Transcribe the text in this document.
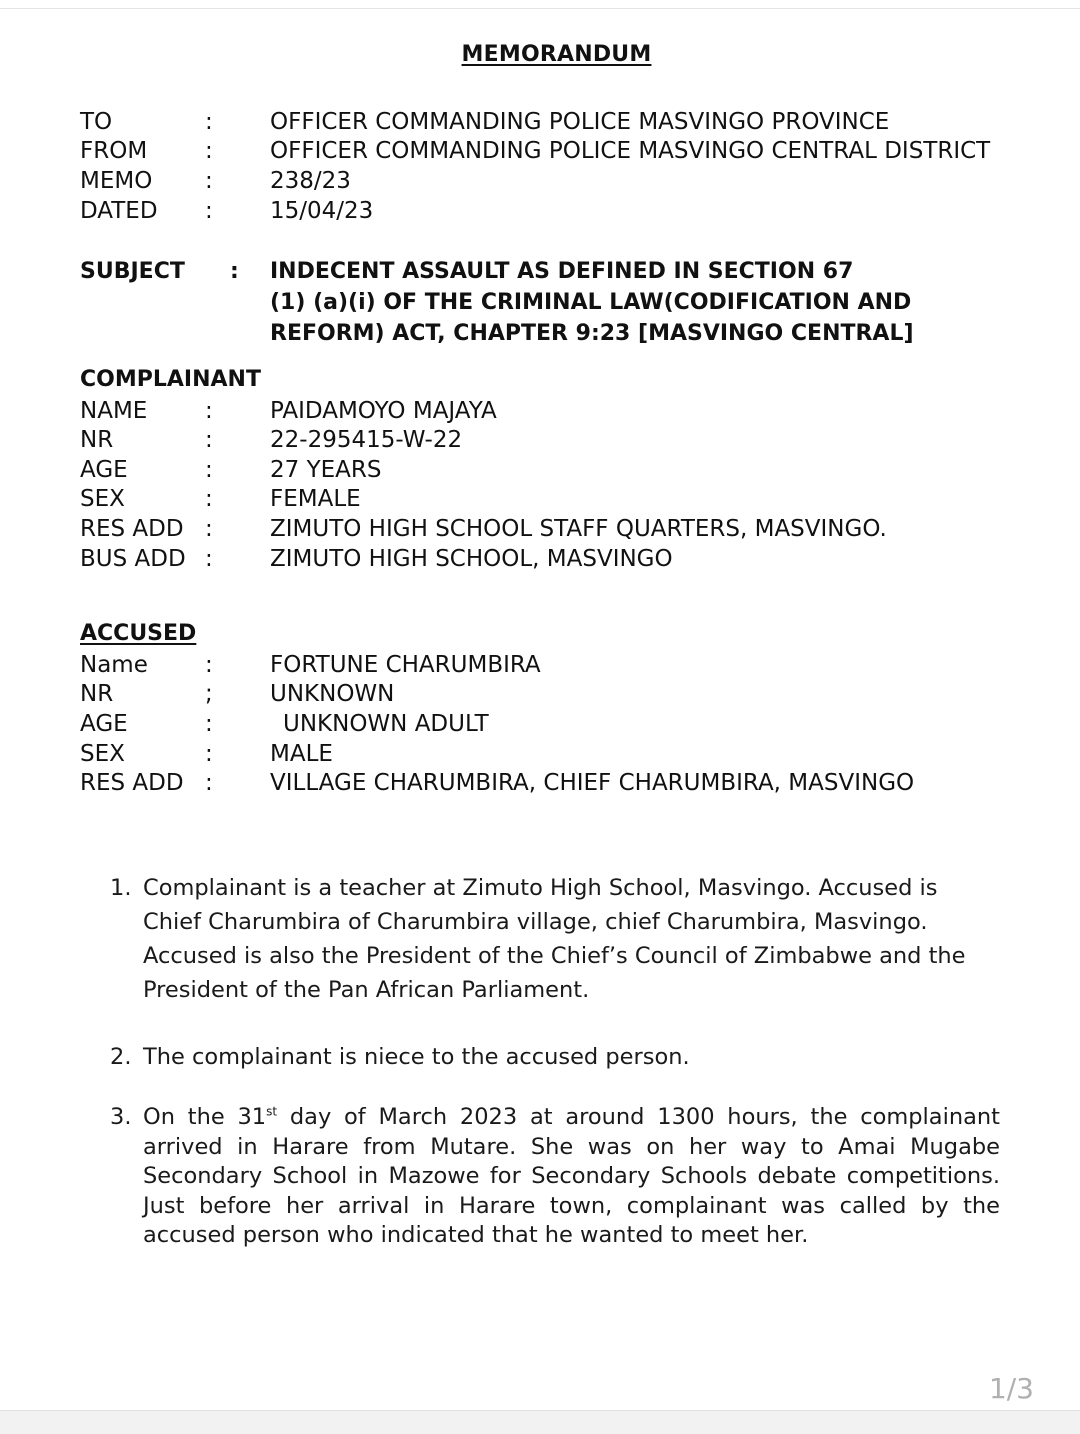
MEMORANDUM
TO	: OFFICER COMMANDING POLICE MASVINGO PROVINCE
FROM	: OFFICER COMMANDING POLICE MASVINGO CENTRAL DISTRICT
MEMO : 238/23
DATED : 15/04/23
SUBJECT : INDECENT ASSAULT AS DEFINED IN SECTION 67
(1) (a)(i) OF THE CRIMINAL LAW(CODIFICATION AND
REFORM) ACT, CHAPTER 9:23 [MASVINGO CENTRAL]
COMPLAINANT
NAME	: PAIDAMOYO MAJAYA
NR	: 22-295415-W-22
AGE	: 27 YEARS
SEX	: FEMALE
RES ADD : ZIMUTO HIGH SCHOOL STAFF QUARTERS, MASVINGO.
BUS ADD : ZIMUTO HIGH SCHOOL, MASVINGO
ACCUSED
Name : FORTUNE CHARUMBIRA
NR	; UNKNOWN
AGE	:	UNKNOWN ADULT
SEX	: MALE
RES ADD : VILLAGE CHARUMBIRA, CHIEF CHARUMBIRA, MASVINGO
1. Complainant is a teacher at Zimuto High School, Masvingo. Accused is Chief Charumbira of Charumbira village, chief Charumbira, Masvingo. Accused is also the President of the Chief’s Council of Zimbabwe and the President of the Pan African Parliament.
2. The complainant is niece to the accused person.
3. On the 31st day of March 2023 at around 1300 hours, the complainant arrived in Harare from Mutare. She was on her way to Amai Mugabe Secondary School in Mazowe for Secondary Schools debate competitions. Just before her arrival in Harare town, complainant was called by the accused person who indicated that he wanted to meet her.
1/3
